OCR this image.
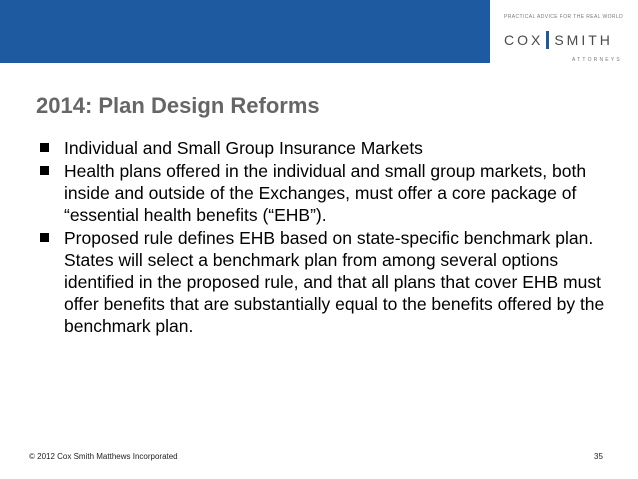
PRACTICAL ADVICE FOR THE REAL WORLD
COX SMITH
ATTORNEYS
2014: Plan Design Reforms
Individual and Small Group Insurance Markets
Health plans offered in the individual and small group markets, both inside and outside of the Exchanges, must offer a core package of “essential health benefits (“EHB”).
Proposed rule defines EHB based on state-specific benchmark plan. States will select a benchmark plan from among several options identified in the proposed rule, and that all plans that cover EHB must offer benefits that are substantially equal to the benefits offered by the benchmark plan.
© 2012 Cox Smith Matthews Incorporated	35
